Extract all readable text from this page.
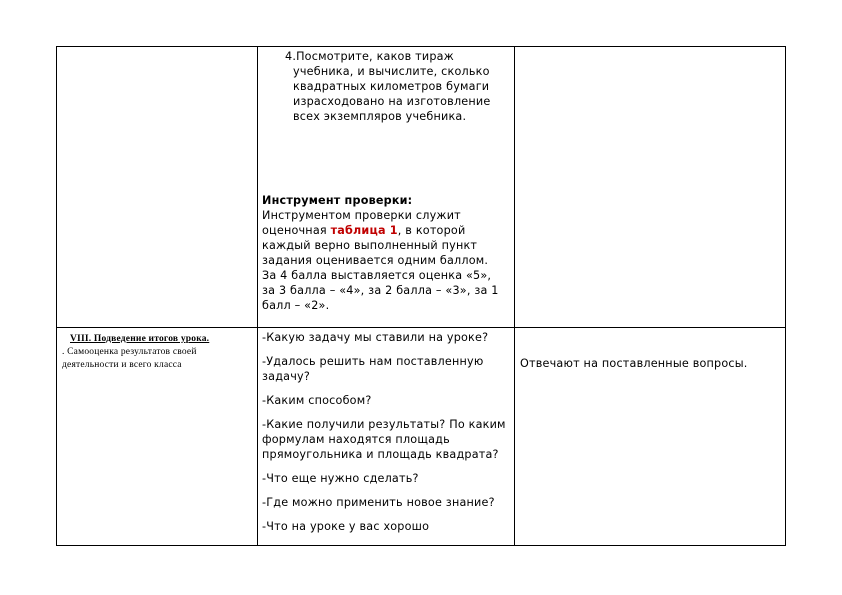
4.Посмотрите, каков тираж
учебника, и вычислите, сколько
квадратных километров бумаги
израсходовано на изготовление
всех экземпляров учебника.
Инструмент проверки:
Инструментом проверки служит
оценочная таблица 1, в которой
каждый верно выполненный пункт
задания оценивается одним баллом.
За 4 балла выставляется оценка «5»,
за 3 балла – «4», за 2 балла – «3», за 1
балл – «2».
VIII. Подведение итогов урока.
. Самооценка результатов своей
деятельности и всего класса

-Какую задачу мы ставили на уроке?

-Удалось решить нам поставленную задачу?

-Каким способом?

-Какие получили результаты? По каким формулам находятся площадь прямоугольника и площадь квадрата?

-Что еще нужно сделать?

-Где можно применить новое знание?

-Что на уроке у вас хорошо

Отвечают на поставленные вопросы.
